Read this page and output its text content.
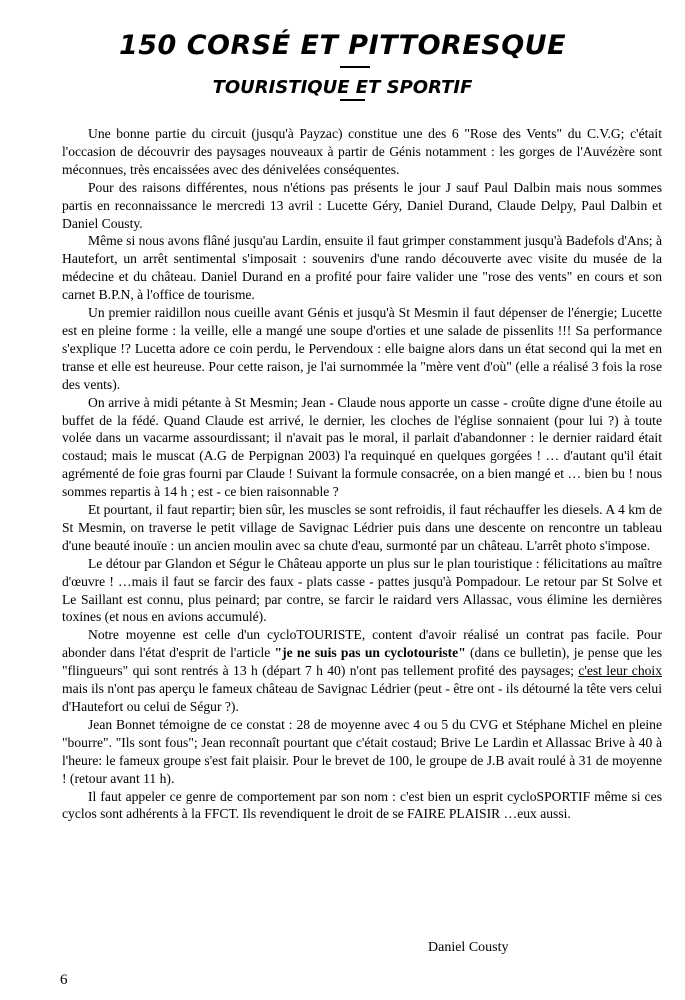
150 CORSÉ ET PITTORESQUE
TOURISTIQUE ET SPORTIF

Une bonne partie du circuit (jusqu'à Payzac) constitue une des 6 "Rose des Vents" du C.V.G; c'était l'occasion de découvrir des paysages nouveaux à partir de Génis notamment : les gorges de l'Auvézère sont méconnues, très encaissées avec des dénivelées conséquentes.

Pour des raisons différentes, nous n'étions pas présents le jour J sauf Paul Dalbin mais nous sommes partis en reconnaissance le mercredi 13 avril : Lucette Géry, Daniel Durand, Claude Delpy, Paul Dalbin et Daniel Cousty.

Même si nous avons flâné jusqu'au Lardin, ensuite il faut grimper constamment jusqu'à Badefols d'Ans; à Hautefort, un arrêt sentimental s'imposait : souvenirs d'une rando découverte avec visite du musée de la médecine et du château. Daniel Durand en a profité pour faire valider une "rose des vents" en cours et son carnet B.P.N, à l'office de tourisme.

Un premier raidillon nous cueille avant Génis et jusqu'à St Mesmin il faut dépenser de l'énergie; Lucette est en pleine forme : la veille, elle a mangé une soupe d'orties et une salade de pissenlits !!! Sa performance s'explique !? Lucetta adore ce coin perdu, le Pervendoux : elle baigne alors dans un état second qui la met en transe et elle est heureuse. Pour cette raison, je l'ai surnommée la "mère vent d'où" (elle a réalisé 3 fois la rose des vents).

On arrive à midi pétante à St Mesmin; Jean - Claude nous apporte un casse - croûte digne d'une étoile au buffet de la fédé. Quand Claude est arrivé, le dernier, les cloches de l'église sonnaient (pour lui ?) à toute volée dans un vacarme assourdissant; il n'avait pas le moral, il parlait d'abandonner : le dernier raidard était costaud; mais le muscat (A.G de Perpignan 2003) l'a requinqué en quelques gorgées ! … d'autant qu'il était agrémenté de foie gras fourni par Claude ! Suivant la formule consacrée, on a bien mangé et … bien bu ! nous sommes repartis à 14 h ; est - ce bien raisonnable ?

Et pourtant, il faut repartir; bien sûr, les muscles se sont refroidis, il faut réchauffer les diesels. A 4 km de St Mesmin, on traverse le petit village de Savignac Lédrier puis dans une descente on rencontre un tableau d'une beauté inouïe : un ancien moulin avec sa chute d'eau, surmonté par un château. L'arrêt photo s'impose.

Le détour par Glandon et Ségur le Château apporte un plus sur le plan touristique : félicitations au maître d'œuvre ! …mais il faut se farcir des faux - plats casse - pattes jusqu'à Pompadour. Le retour par St Solve et Le Saillant est connu, plus peinard; par contre, se farcir le raidard vers Allassac, vous élimine les dernières toxines (et nous en avions accumulé).

Notre moyenne est celle d'un cycloTOURISTE, content d'avoir réalisé un contrat pas facile. Pour abonder dans l'état d'esprit de l'article "je ne suis pas un cyclotouriste" (dans ce bulletin), je pense que les "flingueurs" qui sont rentrés à 13 h (départ 7 h 40) n'ont pas tellement profité des paysages; c'est leur choix mais ils n'ont pas aperçu le fameux château de Savignac Lédrier (peut - être ont - ils détourné la tête vers celui d'Hautefort ou celui de Ségur ?).

Jean Bonnet témoigne de ce constat : 28 de moyenne avec 4 ou 5 du CVG et Stéphane Michel en pleine "bourre". "Ils sont fous"; Jean reconnaît pourtant que c'était costaud; Brive Le Lardin et Allassac Brive à 40 à l'heure: le fameux groupe s'est fait plaisir. Pour le brevet de 100, le groupe de J.B avait roulé à 31 de moyenne ! (retour avant 11 h).

Il faut appeler ce genre de comportement par son nom : c'est bien un esprit cycloSPORTIF même si ces cyclos sont adhérents à la FFCT. Ils revendiquent le droit de se FAIRE PLAISIR …eux aussi.

Daniel Cousty
6
